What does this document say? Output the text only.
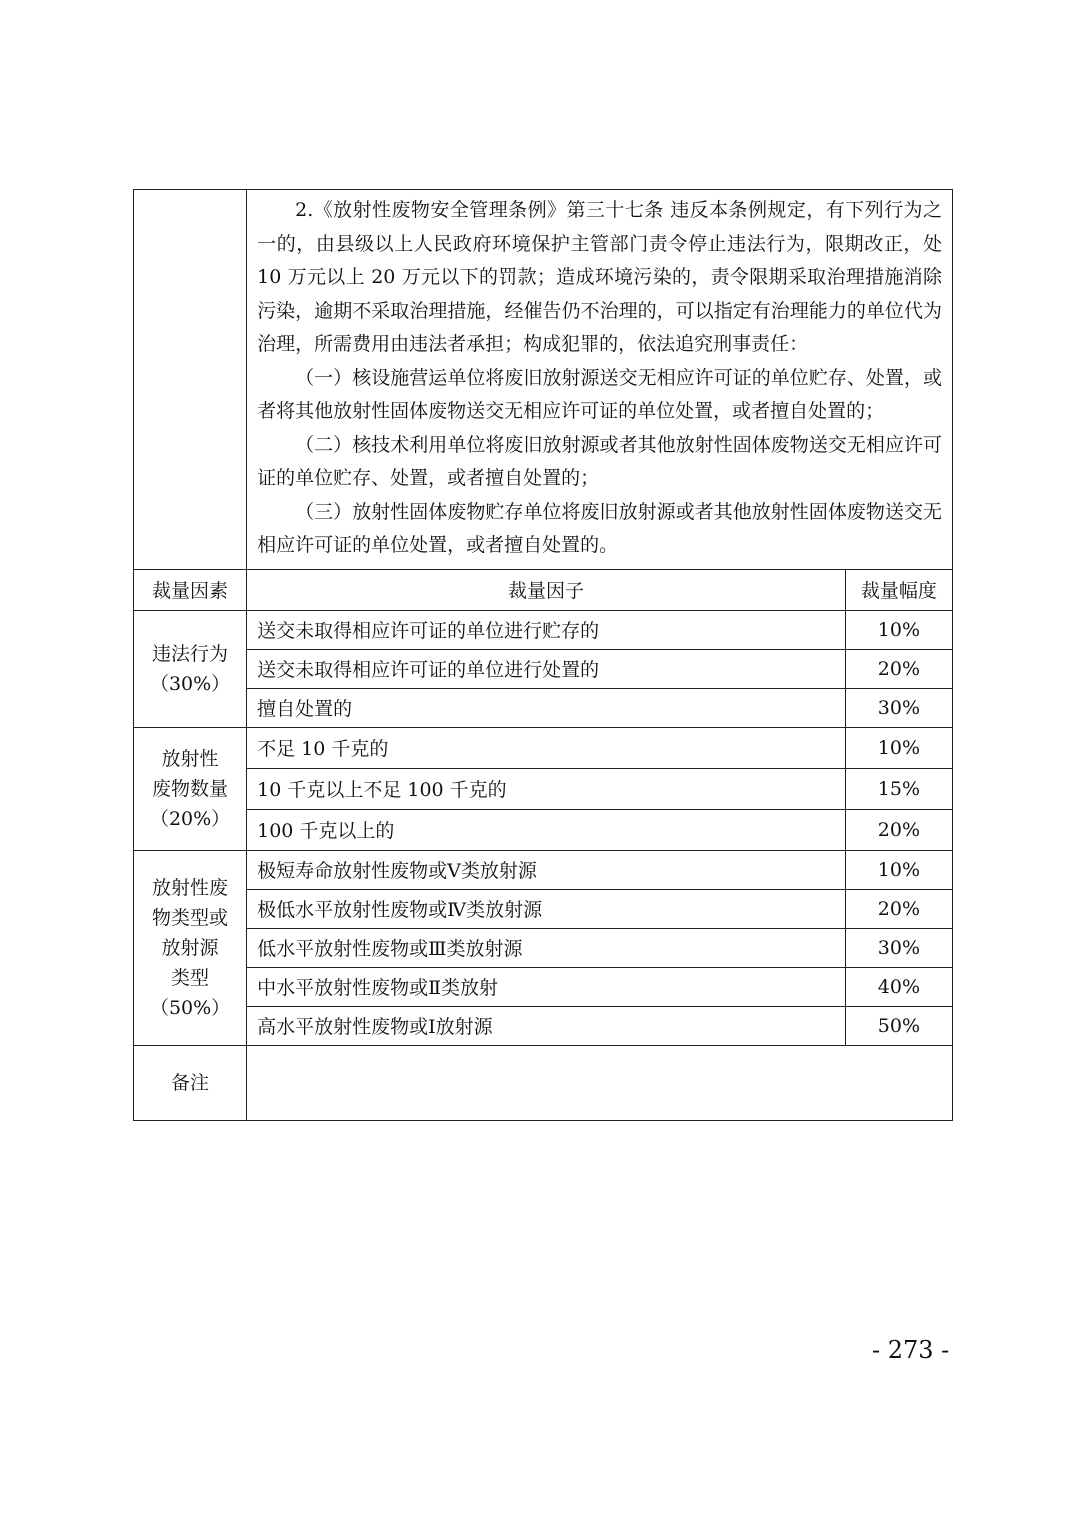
	2.《放射性废物安全管理条例》第三十七条 违反本条例规定，有下列行为之一的，由县级以上人民政府环境保护主管部门责令停止违法行为，限期改正，处 10 万元以上 20 万元以下的罚款；造成环境污染的，责令限期采取治理措施消除污染，逾期不采取治理措施，经催告仍不治理的，可以指定有治理能力的单位代为治理，所需费用由违法者承担；构成犯罪的，依法追究刑事责任：

（一）核设施营运单位将废旧放射源送交无相应许可证的单位贮存、处置，或者将其他放射性固体废物送交无相应许可证的单位处置，或者擅自处置的；

（二）核技术利用单位将废旧放射源或者其他放射性固体废物送交无相应许可证的单位贮存、处置，或者擅自处置的；

（三）放射性固体废物贮存单位将废旧放射源或者其他放射性固体废物送交无相应许可证的单位处置，或者擅自处置的。	

裁量因素	裁量因子	裁量幅度

违法行为
（30%）	送交未取得相应许可证的单位进行贮存的	10%
	送交未取得相应许可证的单位进行处置的	20%
	擅自处置的	30%

放射性
废物数量
（20%）	不足 10 千克的	10%
	10 千克以上不足 100 千克的	15%
	100 千克以上的	20%

放射性废
物类型或
放射源
类型
（50%）	极短寿命放射性废物或Ⅴ类放射源	10%
	极低水平放射性废物或Ⅳ类放射源	20%
	低水平放射性废物或Ⅲ类放射源	30%
	中水平放射性废物或Ⅱ类放射	40%
	高水平放射性废物或Ⅰ放射源	50%
备注		
- 273 -
